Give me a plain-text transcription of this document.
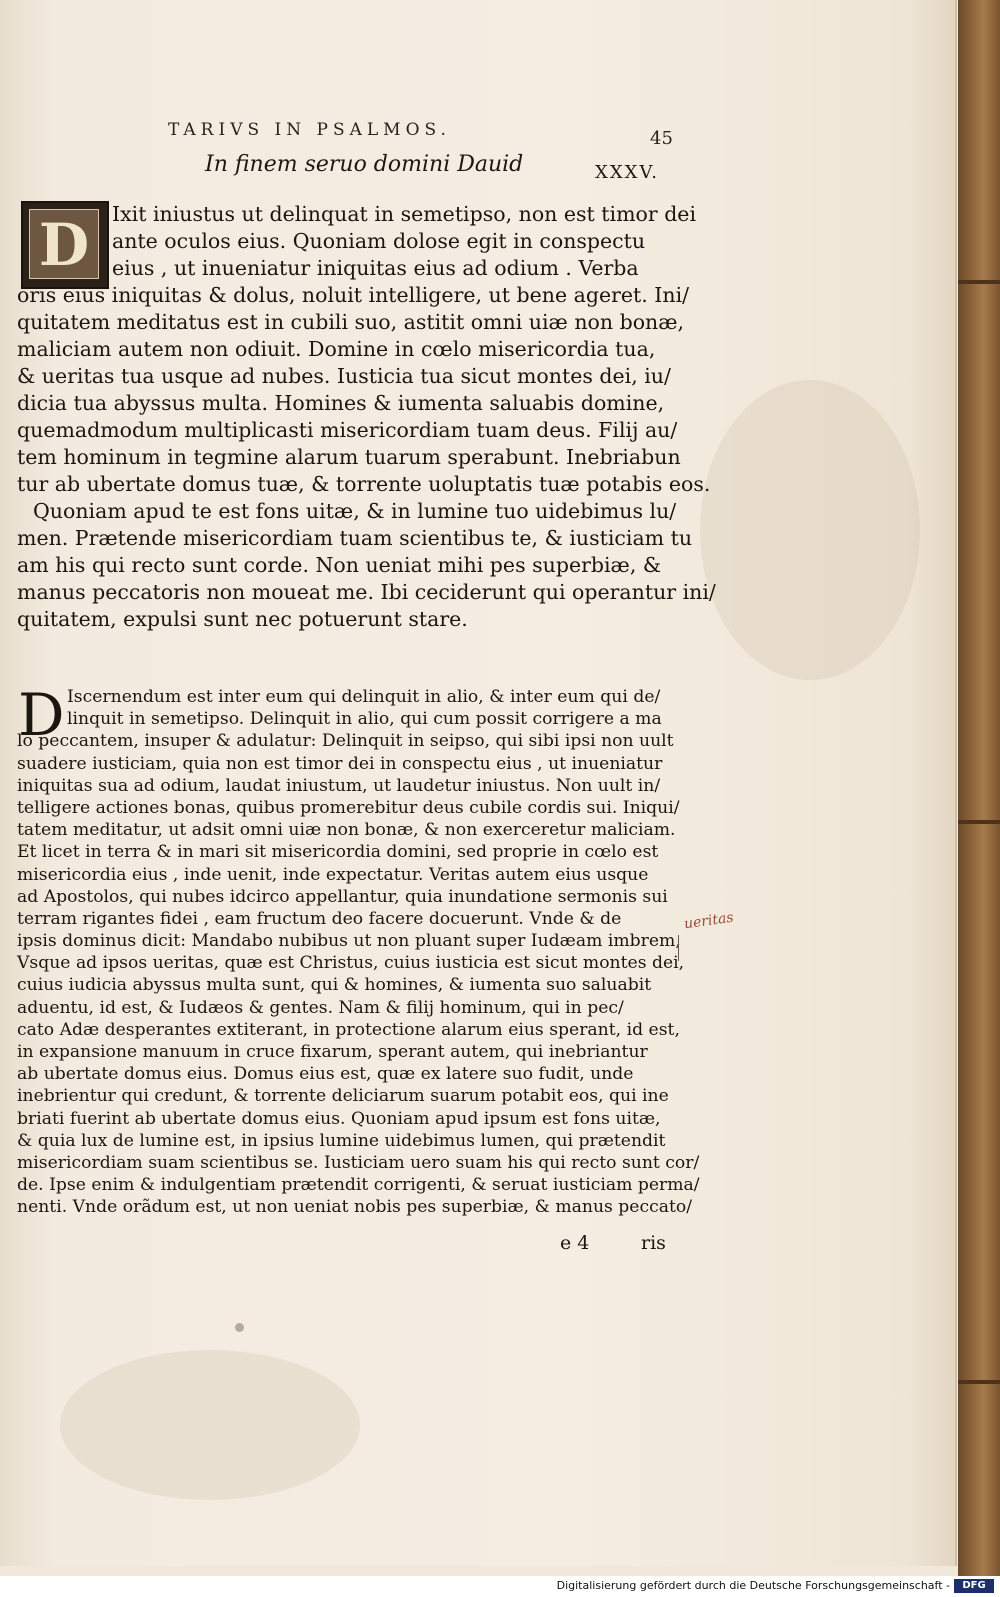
TARIVS IN PSALMOS.	45
In finem seruo domini Dauid	XXXV.
D	Ixit iniustus ut delinquat in semetipso, non est timor dei
ante oculos eius. Quoniam dolose egit in conspectu
eius , ut inueniatur iniquitas eius ad odium . Verba
oris eius iniquitas & dolus, noluit intelligere, ut bene ageret. Ini/
quitatem meditatus est in cubili suo, astitit omni uiæ non bonæ,
maliciam autem non odiuit. Domine in cœlo misericordia tua,
& ueritas tua usque ad nubes. Iusticia tua sicut montes dei, iu/
dicia tua abyssus multa. Homines & iumenta saluabis domine,
quemadmodum multiplicasti misericordiam tuam deus. Filij au/
tem hominum in tegmine alarum tuarum sperabunt. Inebriabun
tur ab ubertate domus tuæ, & torrente uoluptatis tuæ potabis eos.
Quoniam apud te est fons uitæ, & in lumine tuo uidebimus lu/
men. Prætende misericordiam tuam scientibus te, & iusticiam tu
am his qui recto sunt corde. Non ueniat mihi pes superbiæ, &
manus peccatoris non moueat me. Ibi ceciderunt qui operantur ini/
quitatem, expulsi sunt nec potuerunt stare.
D Iscernendum est inter eum qui delinquit in alio, & inter eum qui de/
linquit in semetipso. Delinquit in alio, qui cum possit corrigere a ma
lo peccantem, insuper & adulatur: Delinquit in seipso, qui sibi ipsi non uult
suadere iusticiam, quia non est timor dei in conspectu eius , ut inueniatur
iniquitas sua ad odium, laudat iniustum, ut laudetur iniustus. Non uult in/
telligere actiones bonas, quibus promerebitur deus cubile cordis sui. Iniqui/
tatem meditatur, ut adsit omni uiæ non bonæ, & non exerceretur maliciam.
Et licet in terra & in mari sit misericordia domini, sed proprie in cœlo est
misericordia eius , inde uenit, inde expectatur. Veritas autem eius usque
ad Apostolos, qui nubes idcirco appellantur, quia inundatione sermonis sui
terram rigantes fidei , eam fructum deo facere docuerunt. Vnde & de
ipsis dominus dicit: Mandabo nubibus ut non pluant super Iudæam imbrem,
Vsque ad ipsos ueritas, quæ est Christus, cuius iusticia est sicut montes dei,
cuius iudicia abyssus multa sunt, qui & homines, & iumenta suo saluabit
aduentu, id est, & Iudæos & gentes. Nam & filij hominum, qui in pec/
cato Adæ desperantes extiterant, in protectione alarum eius sperant, id est,
in expansione manuum in cruce fixarum, sperant autem, qui inebriantur
ab ubertate domus eius. Domus eius est, quæ ex latere suo fudit, unde
inebrientur qui credunt, & torrente deliciarum suarum potabit eos, qui ine
briati fuerint ab ubertate domus eius. Quoniam apud ipsum est fons uitæ,
& quia lux de lumine est, in ipsius lumine uidebimus lumen, qui prætendit
misericordiam suam scientibus se. Iusticiam uero suam his qui recto sunt cor/
de. Ipse enim & indulgentiam prætendit corrigenti, & seruat iusticiam perma/
nenti. Vnde orãdum est, ut non ueniat nobis pes superbiæ, & manus peccato/
e 4	ris
ueritas
Digitalisierung gefördert durch die Deutsche Forschungsgemeinschaft -	DFG
